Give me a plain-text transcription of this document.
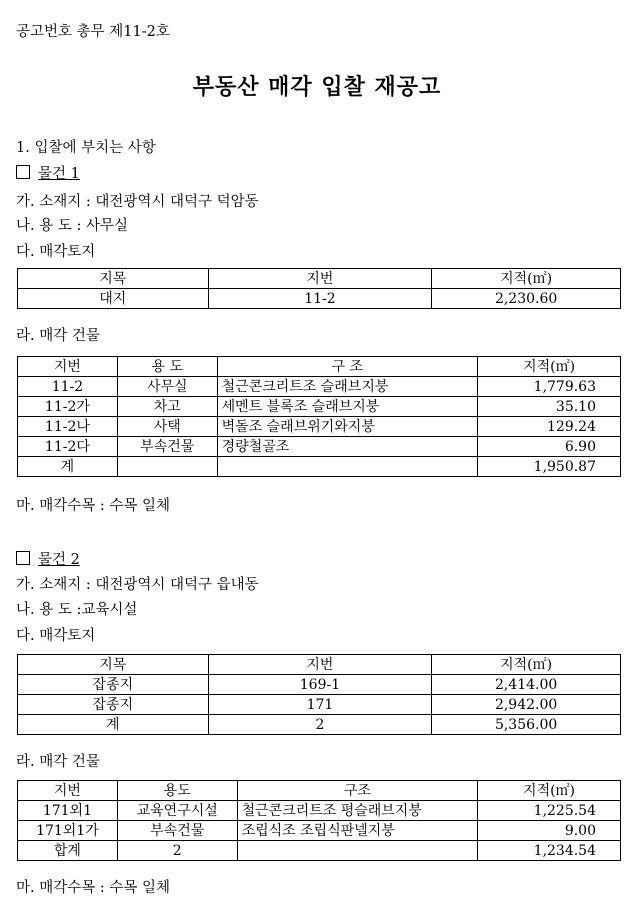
공고번호 총무 제11-2호
부동산 매각 입찰 재공고
1. 입찰에 부치는 사항
물건 1
가. 소재지 : 대전광역시 대덕구 덕암동
나. 용 도 : 사무실
다. 매각토지
지목	지번	지적(㎡)
대지	11-2	2,230.60
라. 매각 건물
지번	용 도	구 조	지적(㎡)
11-2	사무실	철근콘크리트조 슬래브지붕	1,779.63
11-2가	차고	세멘트 블록조 슬래브지붕	35.10
11-2나	사택	벽돌조 슬래브위기와지붕	129.24
11-2다	부속건물	경량철골조	6.90
계			1,950.87
마. 매각수목 : 수목 일체
물건 2
가. 소재지 : 대전광역시 대덕구 읍내동
나. 용 도 :교육시설
다. 매각토지
지목	지번	지적(㎡)
잡종지	169-1	2,414.00
잡종지	171	2,942.00
계	2	5,356.00
라. 매각 건물
지번	용도	구조	지적(㎡)
171외1	교육연구시설	철근콘크리트조 평슬래브지붕	1,225.54
171외1가	부속건물	조립식조 조립식판넬지붕	9.00
합계	2		1,234.54
마. 매각수목 : 수목 일체
